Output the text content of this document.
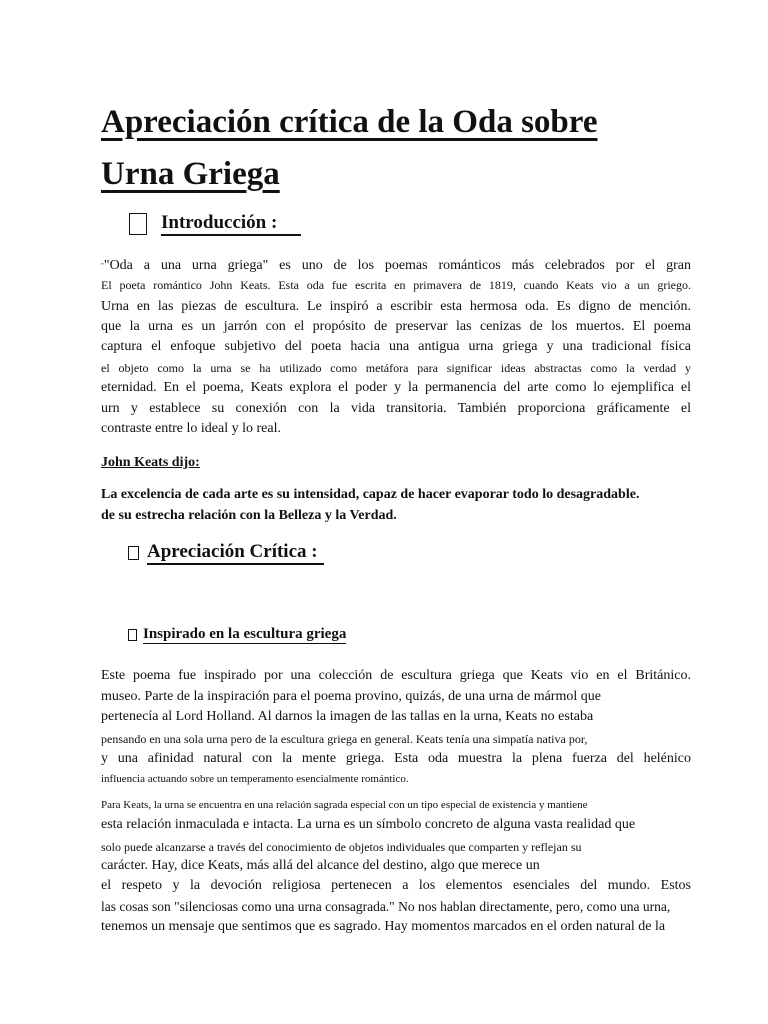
Apreciación crítica de la Oda sobre
Urna Griega
Introducción :
""Oda a una urna griega" es uno de los poemas románticos más celebrados por el gran
El poeta romántico John Keats. Esta oda fue escrita en primavera de 1819, cuando Keats vio a un griego.
Urna en las piezas de escultura. Le inspiró a escribir esta hermosa oda. Es digno de mención.
que la urna es un jarrón con el propósito de preservar las cenizas de los muertos. El poema
captura el enfoque subjetivo del poeta hacia una antigua urna griega y una tradicional física
el objeto como la urna se ha utilizado como metáfora para significar ideas abstractas como la verdad y
eternidad. En el poema, Keats explora el poder y la permanencia del arte como lo ejemplifica el
urn y establece su conexión con la vida transitoria. También proporciona gráficamente el
contraste entre lo ideal y lo real.
John Keats dijo:
La excelencia de cada arte es su intensidad, capaz de hacer evaporar todo lo desagradable.
de su estrecha relación con la Belleza y la Verdad.
Apreciación Crítica :
Inspirado en la escultura griega
Este poema fue inspirado por una colección de escultura griega que Keats vio en el Británico.
museo. Parte de la inspiración para el poema provino, quizás, de una urna de mármol que
pertenecía al Lord Holland. Al darnos la imagen de las tallas en la urna, Keats no estaba
pensando en una sola urna pero de la escultura griega en general. Keats tenía una simpatía nativa por,
y una afinidad natural con la mente griega. Esta oda muestra la plena fuerza del helénico
influencia actuando sobre un temperamento esencialmente romántico.
Para Keats, la urna se encuentra en una relación sagrada especial con un tipo especial de existencia y mantiene
esta relación inmaculada e intacta. La urna es un símbolo concreto de alguna vasta realidad que
solo puede alcanzarse a través del conocimiento de objetos individuales que comparten y reflejan su
carácter. Hay, dice Keats, más allá del alcance del destino, algo que merece un
el respeto y la devoción religiosa pertenecen a los elementos esenciales del mundo. Estos
las cosas son "silenciosas como una urna consagrada." No nos hablan directamente, pero, como una urna,
tenemos un mensaje que sentimos que es sagrado. Hay momentos marcados en el orden natural de la
